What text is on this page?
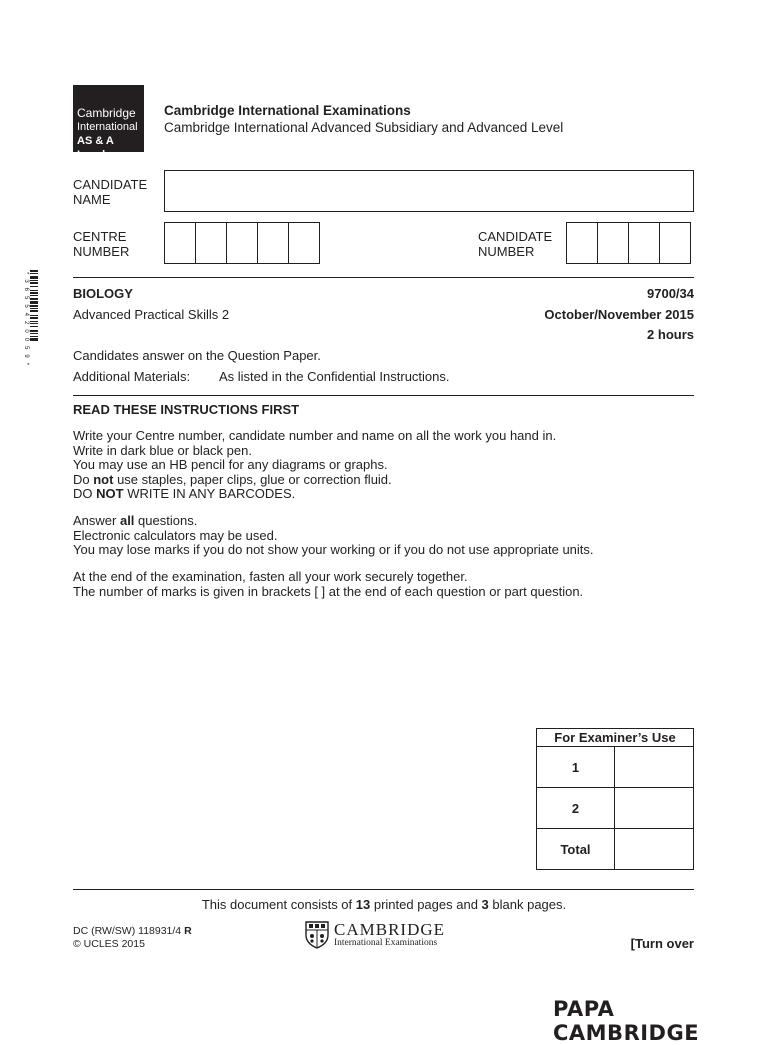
*3655420059*
Cambridge
International
AS & A Level
Cambridge International Examinations
Cambridge International Advanced Subsidiary and Advanced Level
CANDIDATE
NAME
CENTRE
NUMBER
CANDIDATE
NUMBER
BIOLOGY	9700/34
Advanced Practical Skills 2	October/November 2015
2 hours
Candidates answer on the Question Paper.
Additional Materials: As listed in the Confidential Instructions.
READ THESE INSTRUCTIONS FIRST
Write your Centre number, candidate number and name on all the work you hand in.
Write in dark blue or black pen.
You may use an HB pencil for any diagrams or graphs.
Do not use staples, paper clips, glue or correction fluid.
DO NOT WRITE IN ANY BARCODES.
Answer all questions.
Electronic calculators may be used.
You may lose marks if you do not show your working or if you do not use appropriate units.
At the end of the examination, fasten all your work securely together.
The number of marks is given in brackets [ ] at the end of each question or part question.
For Examiner’s Use	
1	
2	
Total	
This document consists of 13 printed pages and 3 blank pages.
DC (RW/SW) 118931/4 R
© UCLES 2015
CAMBRIDGE
International Examinations	[Turn over
PAPA CAMBRIDGE
